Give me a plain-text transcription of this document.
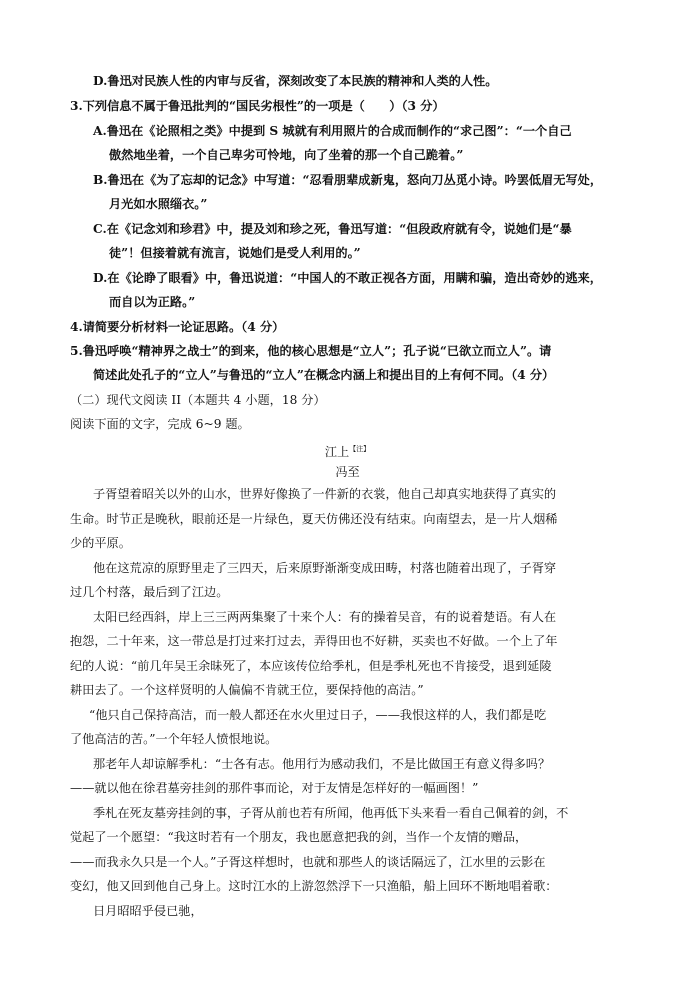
D.鲁迅对民族人性的内审与反省，深刻改变了本民族的精神和人类的人性。
3.下列信息不属于鲁迅批判的“国民劣根性”的一项是（　　）（3 分）
A.鲁迅在《论照相之类》中提到 S 城就有利用照片的合成而制作的“求己图”：“一个自己
傲然地坐着，一个自己卑劣可怜地，向了坐着的那一个自己跪着。”
B.鲁迅在《为了忘却的记念》中写道：“忍看朋辈成新鬼，怒向刀丛觅小诗。吟罢低眉无写处，
月光如水照缁衣。”
C.在《记念刘和珍君》中，提及刘和珍之死，鲁迅写道：“但段政府就有令，说她们是“暴
徒”！但接着就有流言，说她们是受人利用的。”
D.在《论睁了眼看》中，鲁迅说道：“中国人的不敢正视各方面，用瞒和骗，造出奇妙的逃来，
而自以为正路。”
4.请简要分析材料一论证思路。（4 分）
5.鲁迅呼唤“精神界之战士”的到来，他的核心思想是“立人”；孔子说“已欲立而立人”。请
简述此处孔子的“立人”与鲁迅的“立人”在概念内涵上和提出目的上有何不同。（4 分）
（二）现代文阅读 II（本题共 4 小题，18 分）
阅读下面的文字，完成 6~9 题。
江上$^{【注】}$
冯至
子胥望着昭关以外的山水，世界好像换了一件新的衣裳，他自己却真实地获得了真实的
生命。时节正是晚秋，眼前还是一片绿色，夏天仿佛还没有结束。向南望去，是一片人烟稀
少的平原。
他在这荒凉的原野里走了三四天，后来原野渐渐变成田畴，村落也随着出现了，子胥穿
过几个村落，最后到了江边。
太阳已经西斜，岸上三三两两集聚了十来个人：有的操着吴音，有的说着楚语。有人在
抱怨，二十年来，这一带总是打过来打过去，弄得田也不好耕，买卖也不好做。一个上了年
纪的人说：“前几年吴王余昧死了，本应该传位给季札，但是季札死也不肯接受，退到延陵
耕田去了。一个这样贤明的人偏偏不肯就王位，要保持他的高洁。”
“他只自己保持高洁，而一般人都还在水火里过日子，——我恨这样的人，我们都是吃
了他高洁的苦。”一个年轻人愤恨地说。
那老年人却谅解季札：“士各有志。他用行为感动我们，不是比做国王有意义得多吗？
——就以他在徐君墓旁挂剑的那件事而论，对于友情是怎样好的一幅画图！”
季札在死友墓旁挂剑的事，子胥从前也若有所闻，他再低下头来看一看自己佩着的剑，不
觉起了一个愿望：“我这时若有一个朋友，我也愿意把我的剑，当作一个友情的赠品，
——而我永久只是一个人。”子胥这样想时，也就和那些人的谈话隔远了，江水里的云影在
变幻，他又回到他自己身上。这时江水的上游忽然浮下一只渔船，船上回环不断地唱着歌：
日月昭昭乎侵已驰，
